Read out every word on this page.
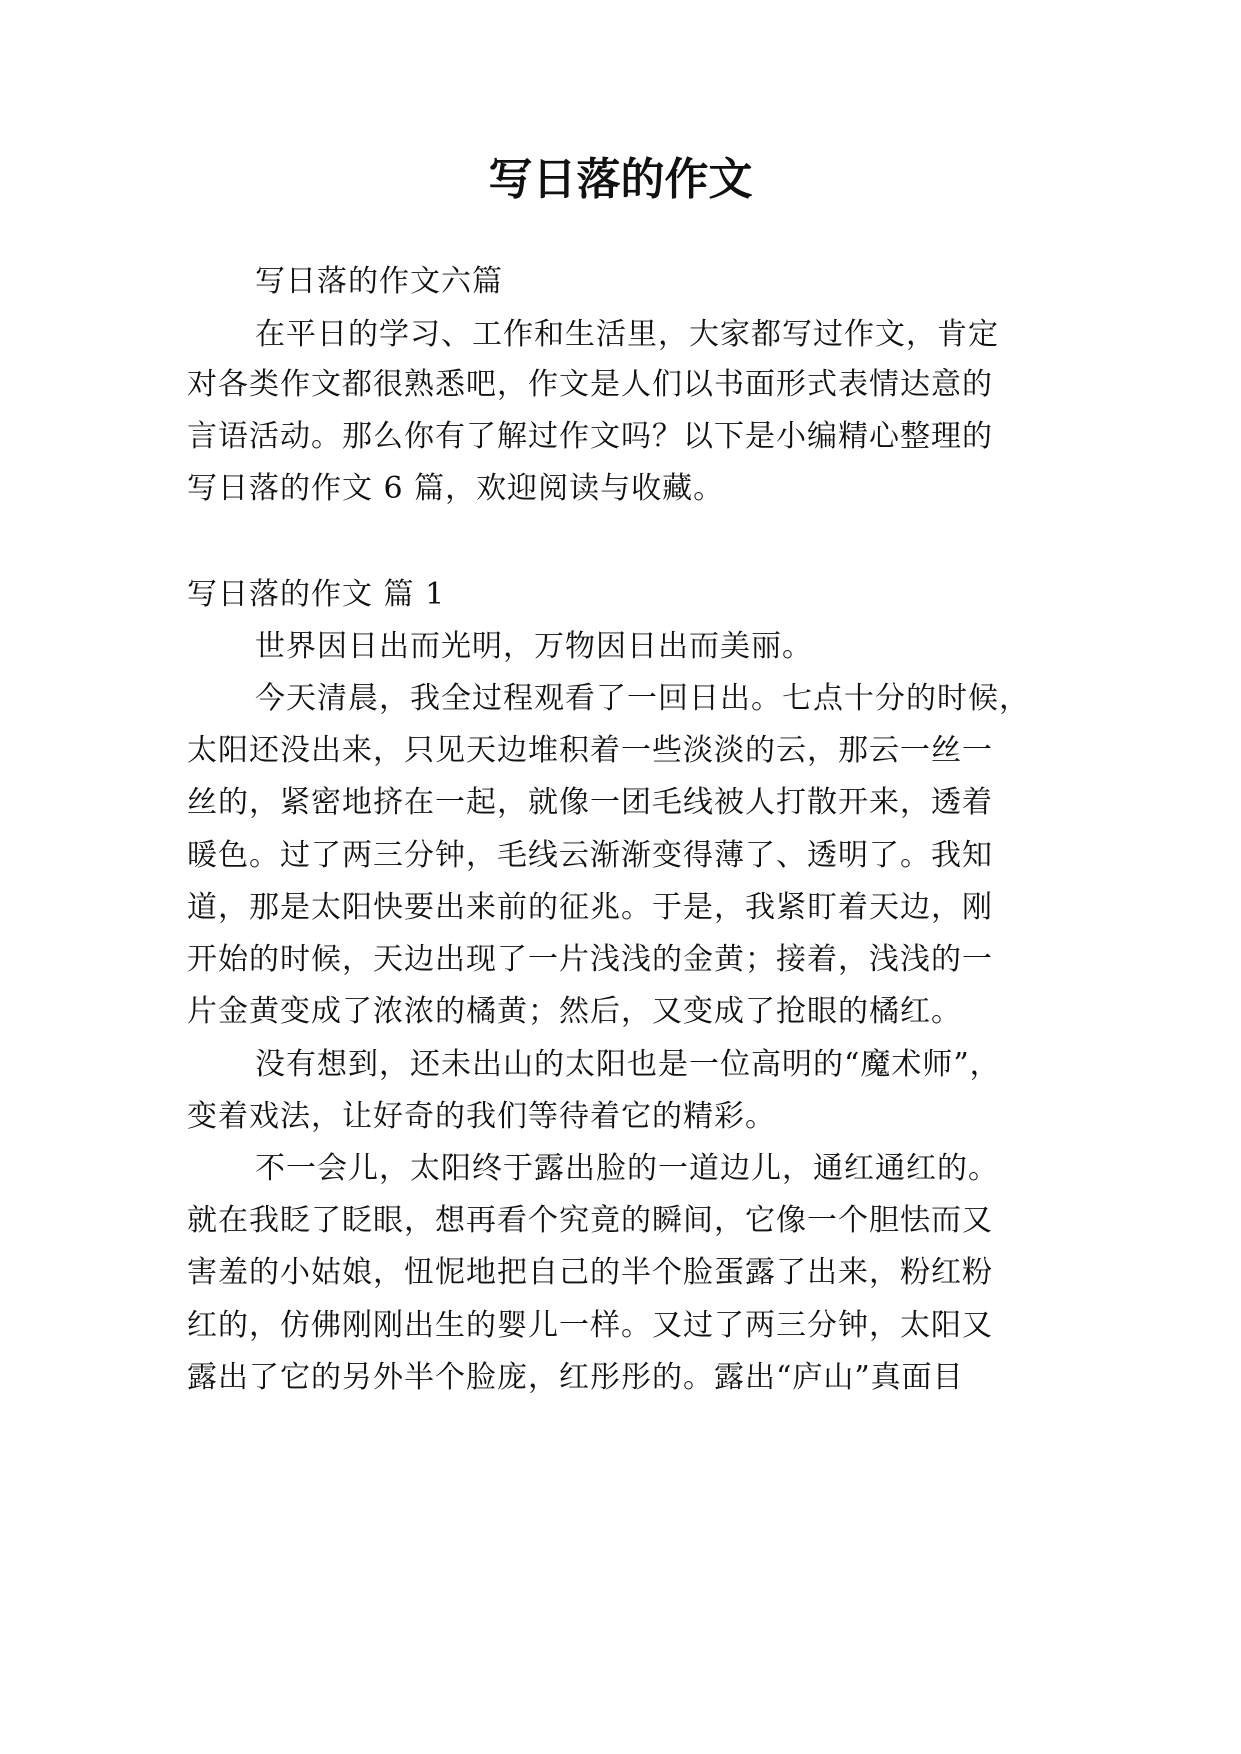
写日落的作文
写日落的作文六篇
在平日的学习、工作和生活里，大家都写过作文，肯定
对各类作文都很熟悉吧，作文是人们以书面形式表情达意的
言语活动。那么你有了解过作文吗？以下是小编精心整理的
写日落的作文 6 篇，欢迎阅读与收藏。
写日落的作文 篇 1
世界因日出而光明，万物因日出而美丽。
今天清晨，我全过程观看了一回日出。七点十分的时候，
太阳还没出来，只见天边堆积着一些淡淡的云，那云一丝一
丝的，紧密地挤在一起，就像一团毛线被人打散开来，透着
暖色。过了两三分钟，毛线云渐渐变得薄了、透明了。我知
道，那是太阳快要出来前的征兆。于是，我紧盯着天边，刚
开始的时候，天边出现了一片浅浅的金黄；接着，浅浅的一
片金黄变成了浓浓的橘黄；然后，又变成了抢眼的橘红。
没有想到，还未出山的太阳也是一位高明的“魔术师”，
变着戏法，让好奇的我们等待着它的精彩。
不一会儿，太阳终于露出脸的一道边儿，通红通红的。
就在我眨了眨眼，想再看个究竟的瞬间，它像一个胆怯而又
害羞的小姑娘，忸怩地把自己的半个脸蛋露了出来，粉红粉
红的，仿佛刚刚出生的婴儿一样。又过了两三分钟，太阳又
露出了它的另外半个脸庞，红彤彤的。露出“庐山”真面目
